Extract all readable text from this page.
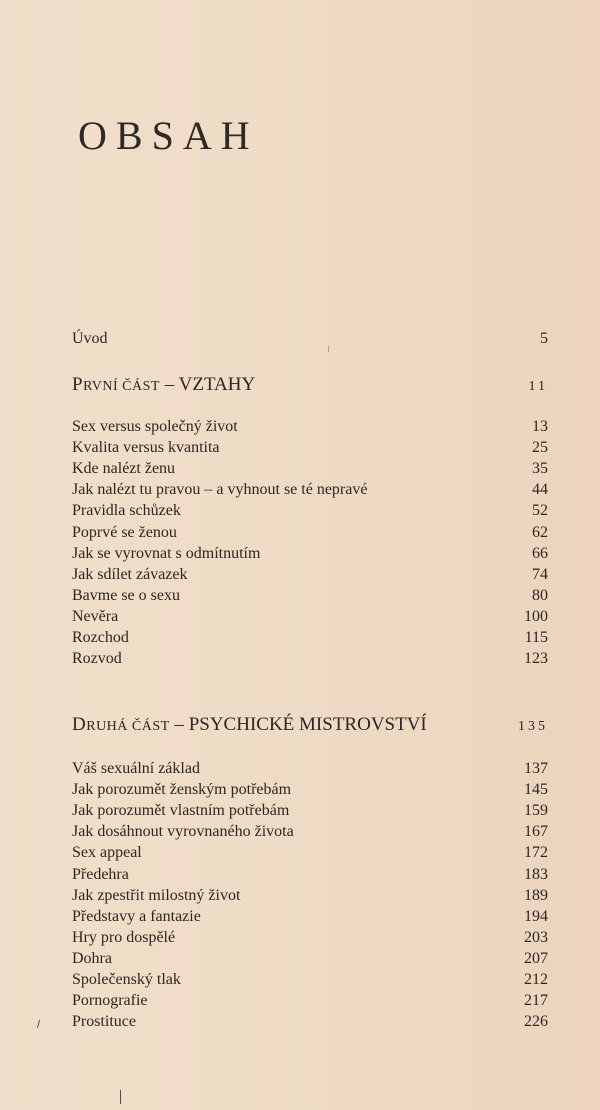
OBSAH
Úvod	5
PRVNÍ ČÁST – VZTAHY	11
Sex versus společný život	13
Kvalita versus kvantita	25
Kde nalézt ženu	35
Jak nalézt tu pravou – a vyhnout se té nepravé	44
Pravidla schůzek	52
Poprvé se ženou	62
Jak se vyrovnat s odmítnutím	66
Jak sdílet závazek	74
Bavme se o sexu	80
Nevěra	100
Rozchod	115
Rozvod	123
DRUHÁ ČÁST – PSYCHICKÉ MISTROVSTVÍ	135
Váš sexuální základ	137
Jak porozumět ženským potřebám	145
Jak porozumět vlastním potřebám	159
Jak dosáhnout vyrovnaného života	167
Sex appeal	172
Předehra	183
Jak zpestřit milostný život	189
Představy a fantazie	194
Hry pro dospělé	203
Dohra	207
Společenský tlak	212
Pornografie	217
Prostituce	226
